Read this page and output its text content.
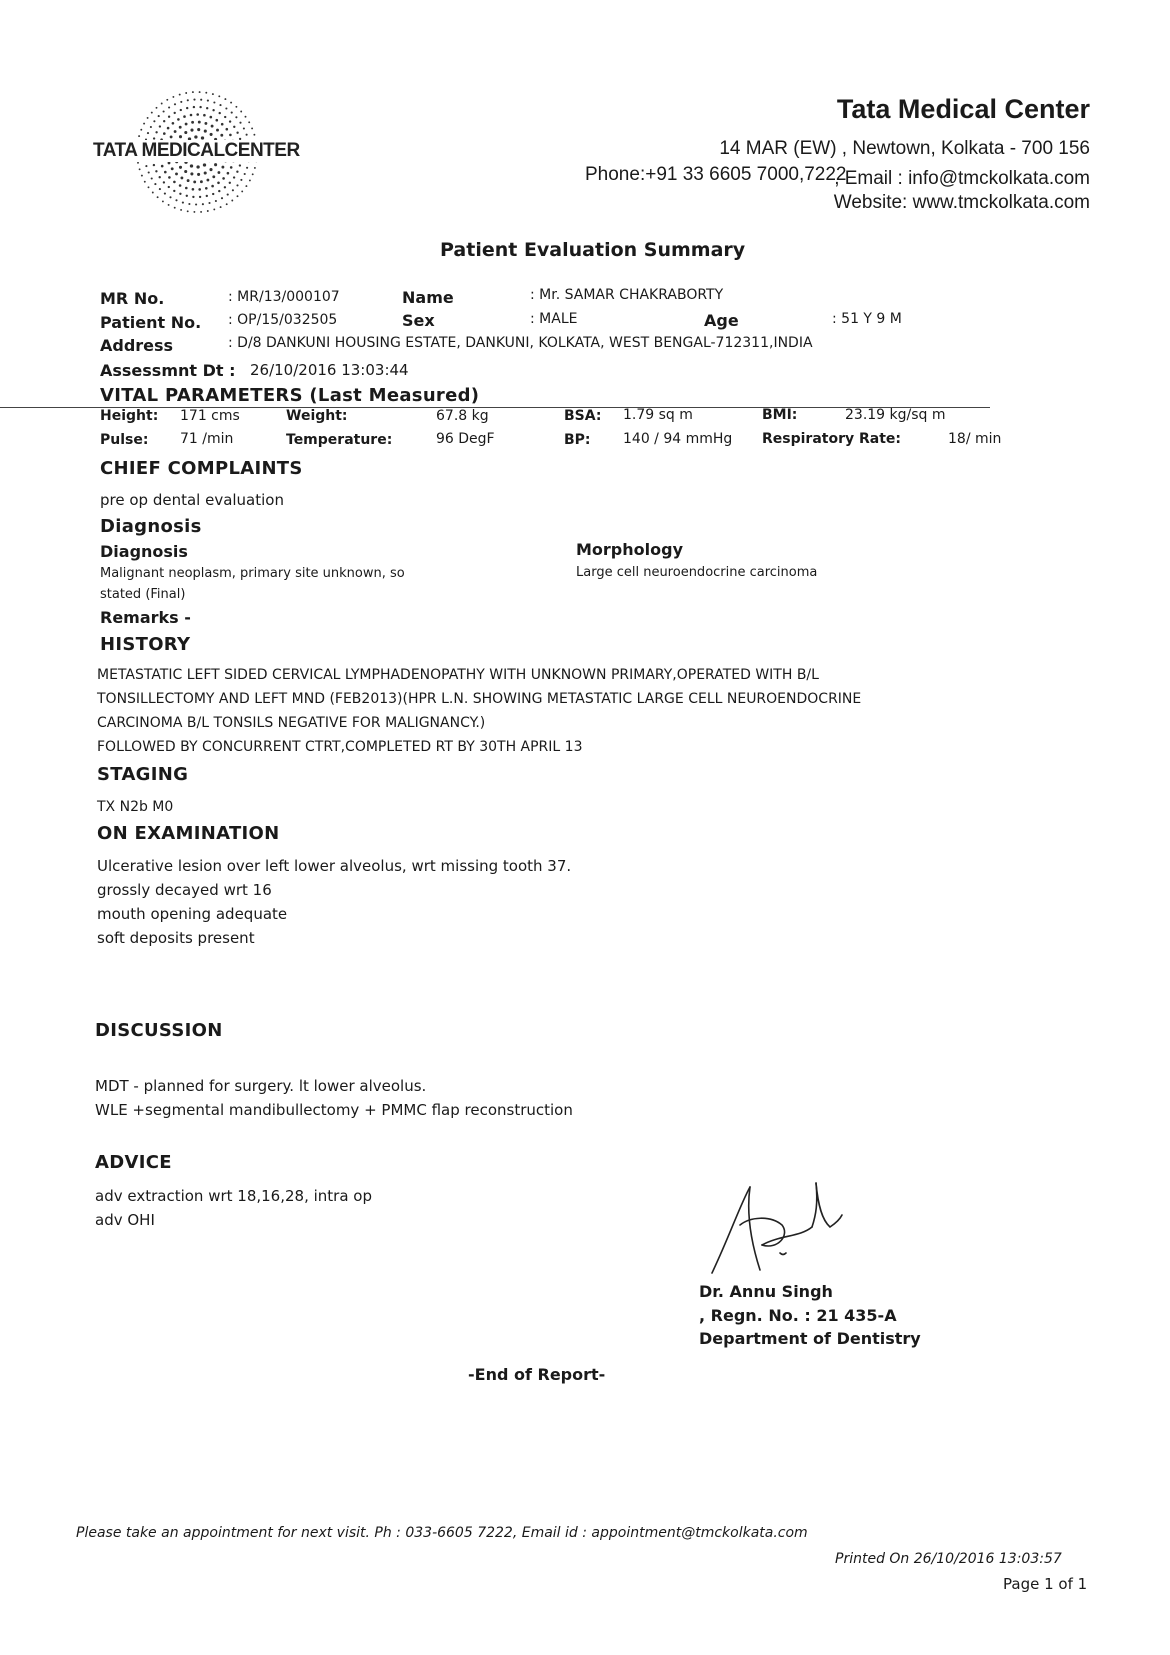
TATA MEDICALCENTER
Tata Medical Center
14 MAR (EW) , Newtown, Kolkata - 700 156
Phone:+91 33 6605 7000,7222
, Email : info@tmckolkata.com
Website: www.tmckolkata.com
Patient Evaluation Summary
MR No.	: MR/13/000107	Name	: Mr. SAMAR CHAKRABORTY
Patient No. : OP/15/032505	Sex	: MALE	Age	: 51 Y 9 M
Address	: D/8 DANKUNI HOUSING ESTATE, DANKUNI, KOLKATA, WEST BENGAL-712311,INDIA
Assessmnt Dt : 26/10/2016 13:03:44
VITAL PARAMETERS (Last Measured)
Height: 171 cms	Weight:	67.8 kg	BSA: 1.79 sq m	BMI:	23.19 kg/sq m
Pulse: 71 /min	Temperature:	96 DegF	BP: 140 / 94 mmHg Respiratory Rate:	18/ min
CHIEF COMPLAINTS
pre op dental evaluation
Diagnosis
Diagnosis
Malignant neoplasm, primary site unknown, so
stated (Final)
Morphology
Large cell neuroendocrine carcinoma
Remarks -
HISTORY
METASTATIC LEFT SIDED CERVICAL LYMPHADENOPATHY WITH UNKNOWN PRIMARY,OPERATED WITH B/L
TONSILLECTOMY AND LEFT MND (FEB2013)(HPR L.N. SHOWING METASTATIC LARGE CELL NEUROENDOCRINE
CARCINOMA B/L TONSILS NEGATIVE FOR MALIGNANCY.)
FOLLOWED BY CONCURRENT CTRT,COMPLETED RT BY 30TH APRIL 13
STAGING
TX N2b M0
ON EXAMINATION
Ulcerative lesion over left lower alveolus, wrt missing tooth 37.
grossly decayed wrt 16
mouth opening adequate
soft deposits present
DISCUSSION
MDT - planned for surgery. lt lower alveolus.
WLE +segmental mandibullectomy + PMMC flap reconstruction
ADVICE
adv extraction wrt 18,16,28, intra op
adv OHI
Dr. Annu Singh
, Regn. No. : 21 435-A
Department of Dentistry
-End of Report-
Please take an appointment for next visit. Ph : 033-6605 7222, Email id : appointment@tmckolkata.com
Printed On 26/10/2016 13:03:57
Page 1 of 1
